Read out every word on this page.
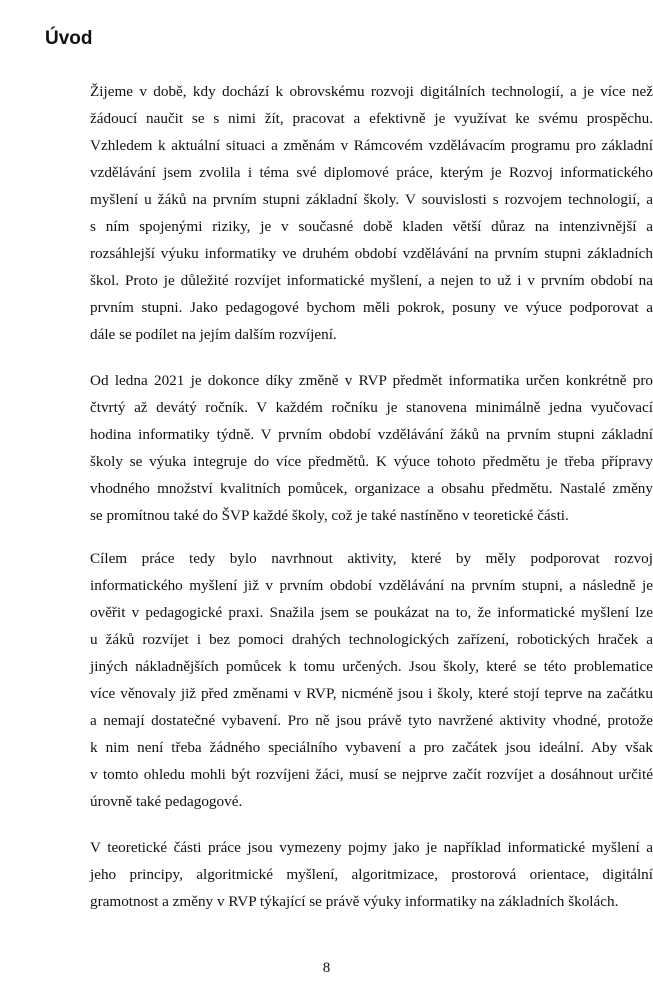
Úvod

Žijeme v době, kdy dochází k obrovskému rozvoji digitálních technologií, a je více než
žádoucí naučit se s nimi žít, pracovat a efektivně je využívat ke svému prospěchu.
Vzhledem k aktuální situaci a změnám v Rámcovém vzdělávacím programu pro základní
vzdělávání jsem zvolila i téma své diplomové práce, kterým je Rozvoj informatického
myšlení u žáků na prvním stupni základní školy. V souvislosti s rozvojem technologií, a
s ním spojenými riziky, je v současné době kladen větší důraz na intenzivnější a
rozsáhlejší výuku informatiky ve druhém období vzdělávání na prvním stupni základních
škol. Proto je důležité rozvíjet informatické myšlení, a nejen to už i v prvním období na
prvním stupni. Jako pedagogové bychom měli pokrok, posuny ve výuce podporovat a
dále se podílet na jejím dalším rozvíjení.

Od ledna 2021 je dokonce díky změně v RVP předmět informatika určen konkrétně pro
čtvrtý až devátý ročník. V každém ročníku je stanovena minimálně jedna vyučovací
hodina informatiky týdně. V prvním období vzdělávání žáků na prvním stupni základní
školy se výuka integruje do více předmětů. K výuce tohoto předmětu je třeba přípravy
vhodného množství kvalitních pomůcek, organizace a obsahu předmětu. Nastalé změny
se promítnou také do ŠVP každé školy, což je také nastíněno v teoretické části.

Cílem práce tedy bylo navrhnout aktivity, které by měly podporovat rozvoj
informatického myšlení již v prvním období vzdělávání na prvním stupni, a následně je
ověřit v pedagogické praxi. Snažila jsem se poukázat na to, že informatické myšlení lze
u žáků rozvíjet i bez pomoci drahých technologických zařízení, robotických hraček a
jiných nákladnějších pomůcek k tomu určených. Jsou školy, které se této problematice
více věnovaly již před změnami v RVP, nicméně jsou i školy, které stojí teprve na začátku
a nemají dostatečné vybavení. Pro ně jsou právě tyto navržené aktivity vhodné, protože
k nim není třeba žádného speciálního vybavení a pro začátek jsou ideální. Aby však
v tomto ohledu mohli být rozvíjeni žáci, musí se nejprve začít rozvíjet a dosáhnout určité
úrovně také pedagogové.

V teoretické části práce jsou vymezeny pojmy jako je například informatické myšlení a
jeho principy, algoritmické myšlení, algoritmizace, prostorová orientace, digitální
gramotnost a změny v RVP týkající se právě výuky informatiky na základních školách.

8
